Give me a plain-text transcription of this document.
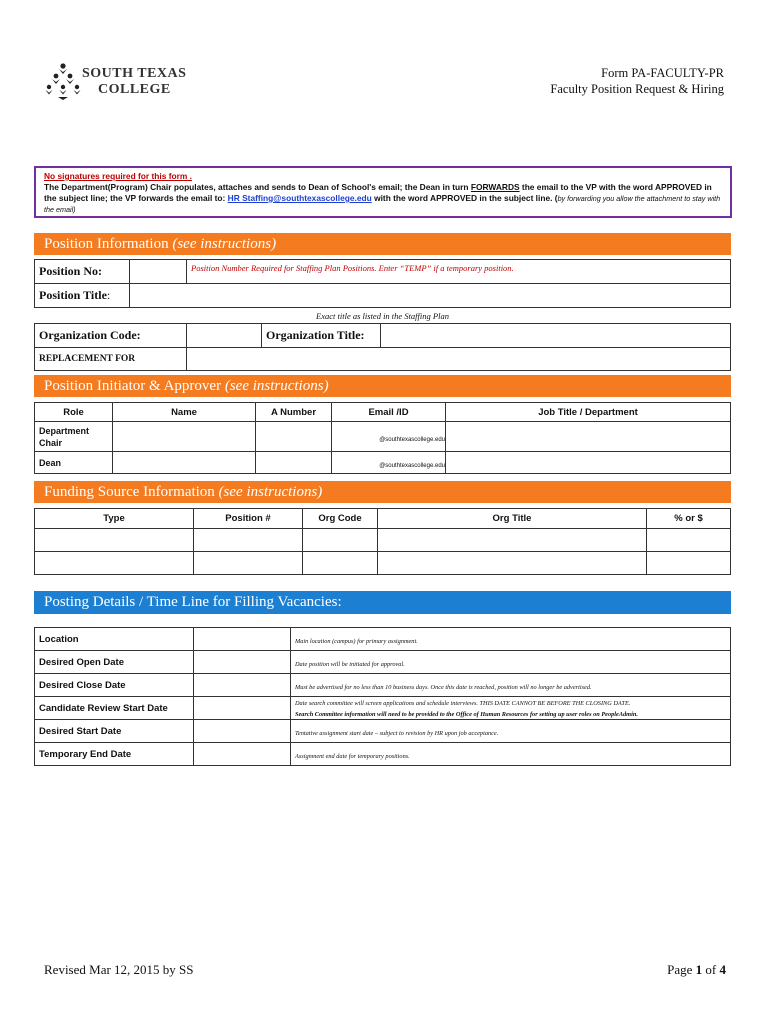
SOUTH TEXAS
COLLEGE
Form PA-FACULTY-PR
Faculty Position Request & Hiring
No signatures required for this form .
The Department(Program) Chair populates, attaches and sends to Dean of School's email; the Dean in turn FORWARDS the email to the VP with the word APPROVED in the subject line; the VP forwards the email to: HR Staffing@southtexascollege.edu with the word APPROVED in the subject line. (by forwarding you allow the attachment to stay with the email)
Position Information (see instructions)
Position No:		Position Number Required for Staffing Plan Positions. Enter “TEMP” if a temporary position.		
Position Title:				
Exact title as listed in the Staffing Plan				
Organization Code:			Organization Title:	
REPLACEMENT FOR				
Position Initiator & Approver (see instructions)
Role	Name	A Number	Email /ID	Job Title / Department
Department Chair			@southtexascollege.edu	
Dean			@southtexascollege.edu	
Funding Source Information (see instructions)
Type	Position #	Org Code	Org Title	% or $

Posting Details / Time Line for Filling Vacancies:
Location		Main location (campus) for primary assignment.
Desired Open Date		Date position will be initiated for approval.
Desired Close Date		Must be advertised for no less than 10 business days. Once this date is reached, position will no longer be advertised.
Candidate Review Start Date		Date search committee will screen applications and schedule interviews. THIS DATE CANNOT BE BEFORE THE CLOSING DATE.
Search Committee information will need to be provided to the Office of Human Resources for setting up user roles on PeopleAdmin.
Desired Start Date		Tentative assignment start date – subject to revision by HR upon job acceptance.
Temporary End Date		Assignment end date for temporary positions.
Revised Mar 12, 2015 by SS	Page 1 of 4
